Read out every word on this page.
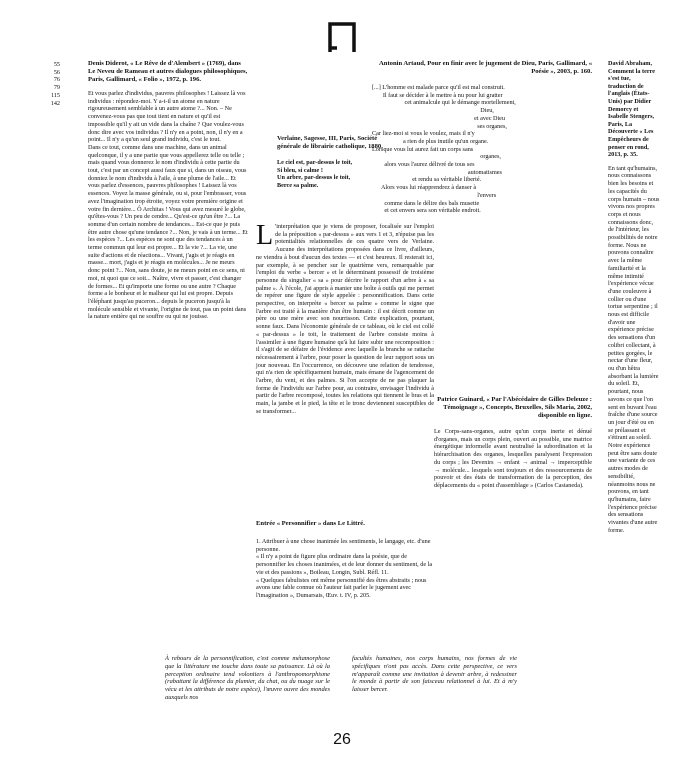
55
56
76
79
115
142
Denis Diderot, « Le Rêve de d'Alembert » (1769), dans Le Neveu de Rameau et autres dialogues philosophiques, Paris, Gallimard, « Folio », 1972, p. 196.

Et vous parlez d'individus, pauvres philosophes ! Laissez là vos individus : répondez-moi. Y a-t-il un atome en nature rigoureusement semblable à un autre atome ?... Non. – Ne convenez-vous pas que tout tient en nature et qu'il est impossible qu'il y ait un vide dans la chaîne ? Que voulez-vous donc dire avec vos individus ? Il n'y en a point, non, il n'y en a point... Il n'y a qu'un seul grand individu, c'est le tout.

Dans ce tout, comme dans une machine, dans un animal quelconque, il y a une partie que vous appellerez telle ou telle ; mais quand vous donnerez le nom d'individu à cette partie du tout, c'est par un concept aussi faux que si, dans un oiseau, vous donniez le nom d'individu à l'aile, à une plume de l'aile... Et vous parlez d'essences, pauvres philosophes ! Laissez là vos essences. Voyez la masse générale, ou si, pour l'embrasser, vous avez l'imagination trop étroite, voyez votre première origine et votre fin dernière... Ô Architas ! Vous qui avez mesuré le globe, qu'êtes-vous ? Un peu de cendre... Qu'est-ce qu'un être ?... La somme d'un certain nombre de tendances... Est-ce que je puis être autre chose qu'une tendance ?... Non, je vais à un terme... Et les espèces ?... Les espèces ne sont que des tendances à un terme commun qui leur est propre... Et la vie ?... La vie, une suite d'actions et de réactions... Vivant, j'agis et je réagis en masse... mort, j'agis et je réagis en molécules... Je ne meurs donc point ?... Non, sans doute, je ne meurs point en ce sens, ni moi, ni quoi que ce soit... Naître, vivre et passer, c'est changer de formes... Et qu'importe une forme ou une autre ? Chaque forme a le bonheur et le malheur qui lui est propre. Depuis l'éléphant jusqu'au puceron... depuis le puceron jusqu'à la molécule sensible et vivante, l'origine de tout, pas un point dans la nature entière qui ne souffre ou qui ne jouisse.

Verlaine, Sagesse, III, Paris, Société générale de librairie catholique, 1880.
Le ciel est, par-dessus le toit,
Si bleu, si calme !
Un arbre, par-dessus le toit,
Berce sa palme.
Antonin Artaud, Pour en finir avec le jugement de Dieu, Paris, Gallimard, « Poésie », 2003, p. 160.
[...] L'homme est malade parce qu'il est mal construit.
Il faut se décider à le mettre à nu pour lui gratter
cet animalcule qui le démange mortellement,
Dieu,
et avec Dieu
ses organes,
Car liez-moi si vous le voulez, mais il n'y
a rien de plus inutile qu'un organe.
Lorsque vous lui aurez fait un corps sans
organes,
alors vous l'aurez délivré de tous ses
automatismes
et rendu sa véritable liberté.
Alors vous lui réapprendrez à danser à
l'envers
comme dans le délire des bals musette
et cet envers sera son véritable endroit.
L 'interprétation que je viens de proposer, focalisée sur l'emploi de la préposition « par-dessus » aux vers 1 et 3, n'épuise pas les potentialités relationnelles de ces quatre vers de Verlaine. Aucune des interprétations proposées dans ce livre, d'ailleurs, ne viendra à bout d'aucun des textes — et c'est heureux. Il resterait ici, par exemple, à se pencher sur le quatrième vers, remarquable par l'emploi du verbe « bercer » et le déterminant possessif de troisième personne du singulier « sa » pour décrire le rapport d'un arbre à « sa palme ». À l'école, j'ai appris à manier une boîte à outils qui me permet de repérer une figure de style appelée : personnification. Dans cette perspective, on interprète « bercer sa palme » comme le signe que l'arbre est traité à la manière d'un être humain : il est décrit comme un père ou une mère avec son nourrisson. Cette explication, pourtant, sonne faux. Dans l'économie générale de ce tableau, où le ciel est collé « par-dessus » le toit, le traitement de l'arbre consiste moins à l'assimiler à une figure humaine qu'à lui faire subir une recomposition : il s'agit de se défaire de l'évidence avec laquelle la branche se rattache nécessairement à l'arbre, pour poser la question de leur rapport sous un jour nouveau. En l'occurrence, on découvre une relation de tendresse, qui n'a rien de spécifiquement humain, mais émane de l'agencement de l'arbre, du vent, et des palmes. Si l'on accepte de ne pas plaquer la forme de l'individu sur l'arbre pour, au contraire, envisager l'individu à partir de l'arbre recomposé, toutes les relations qui tiennent le bras et la main, la jambe et le pied, la tête et le tronc deviennent susceptibles de se transformer...

Patrice Guinard, « Par l'Abécédaire de Gilles Deleuze : Témoignage », Concepts, Bruxelles, Sils Maria, 2002, disponible en ligne.

Le Corps-sans-organes, autre qu'un corps inerte et dénué d'organes, mais un corps plein, ouvert au possible, une matrice énergétique informelle avant neutralisé la subordination et la hiérarchisation des organes, lesquelles paralysent l'expression du corps ; les Devenirs → enfant → animal → imperceptible → molécule... lesquels sont toujours et des ressourcements de pouvoir et des états de transformation de la perception, des déplacements du « point d'assemblage » (Carlos Castaneda).

David Abraham, Comment la terre s'est tue, traduction de l'anglais (États-Unis) par Didier Demorcy et Isabelle Stengers, Paris, La Découverte « Les Empêcheurs de penser en rond, 2013, p. 35.
En tant qu'humains, nous connaissons bien les besoins et les capacités du corps humain – nous vivons nos propres corps et nous connaissons donc, de l'intérieur, les possibilités de notre forme. Nous ne pouvons connaître avec la même familiarité et la même intimité l'expérience vécue d'une couleuvre à collier ou d'une tortue serpentine ; il nous est difficile d'avoir une expérience précise des sensations d'un colibri collectant, à petites gorgées, le nectar d'une fleur, ou d'un hêtra absorbant la lumière du soleil. Et, pourtant, nous savons ce que l'on sent en buvant l'eau fraîche d'une source un jour d'été ou en se prélassant et s'étirant au soleil. Notre expérience peut être sans doute une variante de ces autres modes de sensibilité, néanmoins nous ne pouvons, en tant qu'humains, faire l'expérience précise des sensations vivantes d'une autre forme.
Entrée « Personnifier » dans Le Littré.

1. Attribuer à une chose inanimée les sentiments, le langage, etc. d'une personne.

« Il n'y a point de figure plus ordinaire dans la poésie, que de personnifier les choses inanimées, et de leur donner du sentiment, de la vie et des passions », Boileau, Longin, Subl. Réfl. 11.

« Quelques fabulistes ont même personnifié des êtres abstraits ; nous avons une fable connue où l'auteur fait parler le jugement avec l'imagination », Dumarsais, Œuv. t. IV, p. 205.

À rebours de la personnification, c'est comme métamorphose que la littérature me touche dans toute sa puissance. Là où la perception ordinaire tend volontiers à l'anthropomorphisme (rabattant la différence du plumier, du chat, ou du nuage sur le vécu et les attributs de notre espèce), l'œuvre ouvre des mondes auxquels nos
facultés humaines, nos corps humains, nos formes de vie spécifiques n'ont pas accès. Dans cette perspective, ce vers m'apparaît comme une invitation à devenir arbre, à redessiner le monde à partir de son faisceau relationnel à lui. Et à m'y laisser bercer.
26
